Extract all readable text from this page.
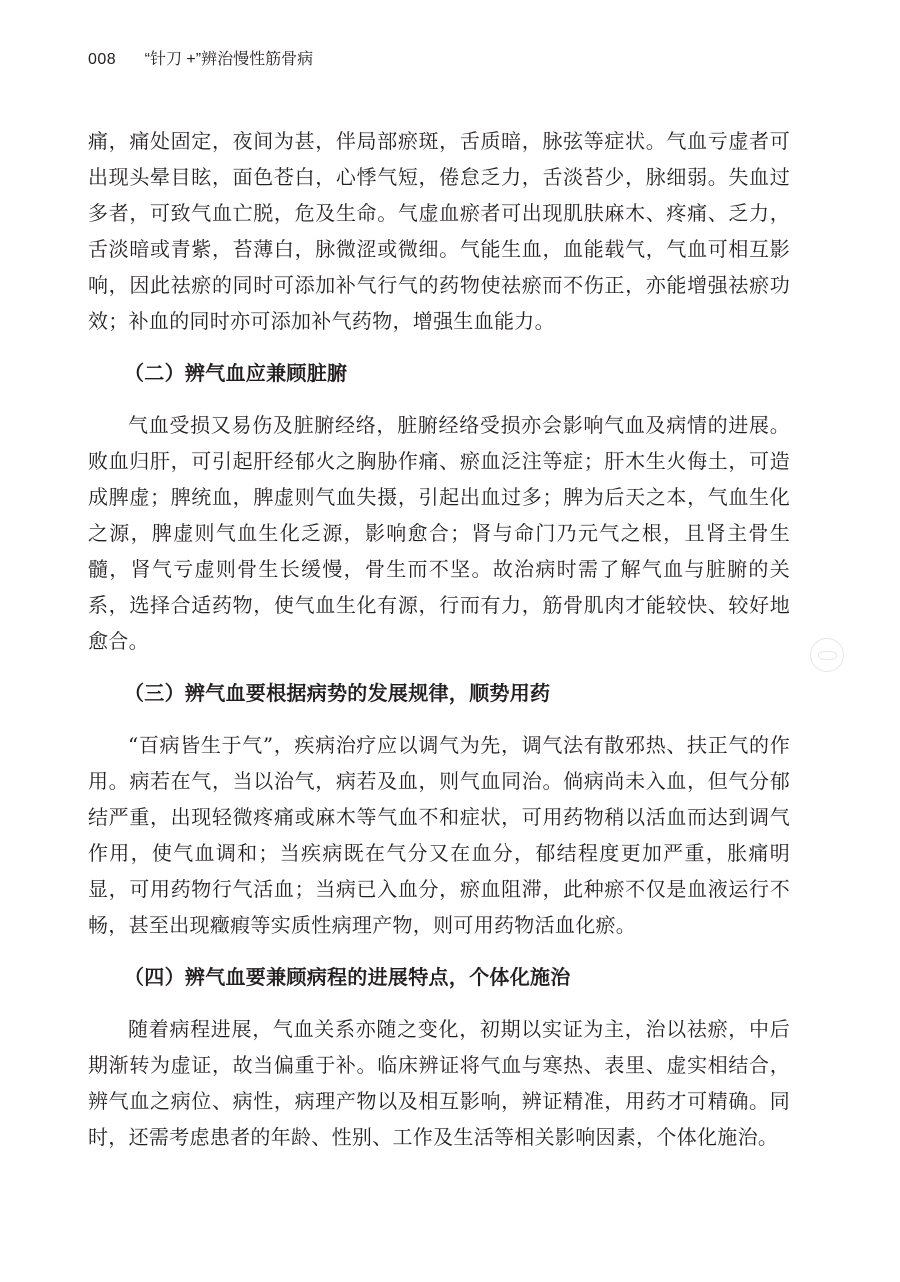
008 “针刀 +”辨治慢性筋骨病

痛，痛处固定，夜间为甚，伴局部瘀斑，舌质暗，脉弦等症状。气血亏虚者可出现头晕目眩，面色苍白，心悸气短，倦怠乏力，舌淡苔少，脉细弱。失血过多者，可致气血亡脱，危及生命。气虚血瘀者可出现肌肤麻木、疼痛、乏力，舌淡暗或青紫，苔薄白，脉微涩或微细。气能生血，血能载气，气血可相互影响，因此祛瘀的同时可添加补气行气的药物使祛瘀而不伤正，亦能增强祛瘀功效；补血的同时亦可添加补气药物，增强生血能力。

（二）辨气血应兼顾脏腑

气血受损又易伤及脏腑经络，脏腑经络受损亦会影响气血及病情的进展。败血归肝，可引起肝经郁火之胸胁作痛、瘀血泛注等症；肝木生火侮土，可造成脾虚；脾统血，脾虚则气血失摄，引起出血过多；脾为后天之本，气血生化之源，脾虚则气血生化乏源，影响愈合；肾与命门乃元气之根，且肾主骨生髓，肾气亏虚则骨生长缓慢，骨生而不坚。故治病时需了解气血与脏腑的关系，选择合适药物，使气血生化有源，行而有力，筋骨肌肉才能较快、较好地愈合。

（三）辨气血要根据病势的发展规律，顺势用药

“百病皆生于气”，疾病治疗应以调气为先，调气法有散邪热、扶正气的作用。病若在气，当以治气，病若及血，则气血同治。倘病尚未入血，但气分郁结严重，出现轻微疼痛或麻木等气血不和症状，可用药物稍以活血而达到调气作用，使气血调和；当疾病既在气分又在血分，郁结程度更加严重，胀痛明显，可用药物行气活血；当病已入血分，瘀血阻滞，此种瘀不仅是血液运行不畅，甚至出现癥瘕等实质性病理产物，则可用药物活血化瘀。

（四）辨气血要兼顾病程的进展特点，个体化施治

随着病程进展，气血关系亦随之变化，初期以实证为主，治以祛瘀，中后期渐转为虚证，故当偏重于补。临床辨证将气血与寒热、表里、虚实相结合，辨气血之病位、病性，病理产物以及相互影响，辨证精准，用药才可精确。同时，还需考虑患者的年龄、性别、工作及生活等相关影响因素，个体化施治。
